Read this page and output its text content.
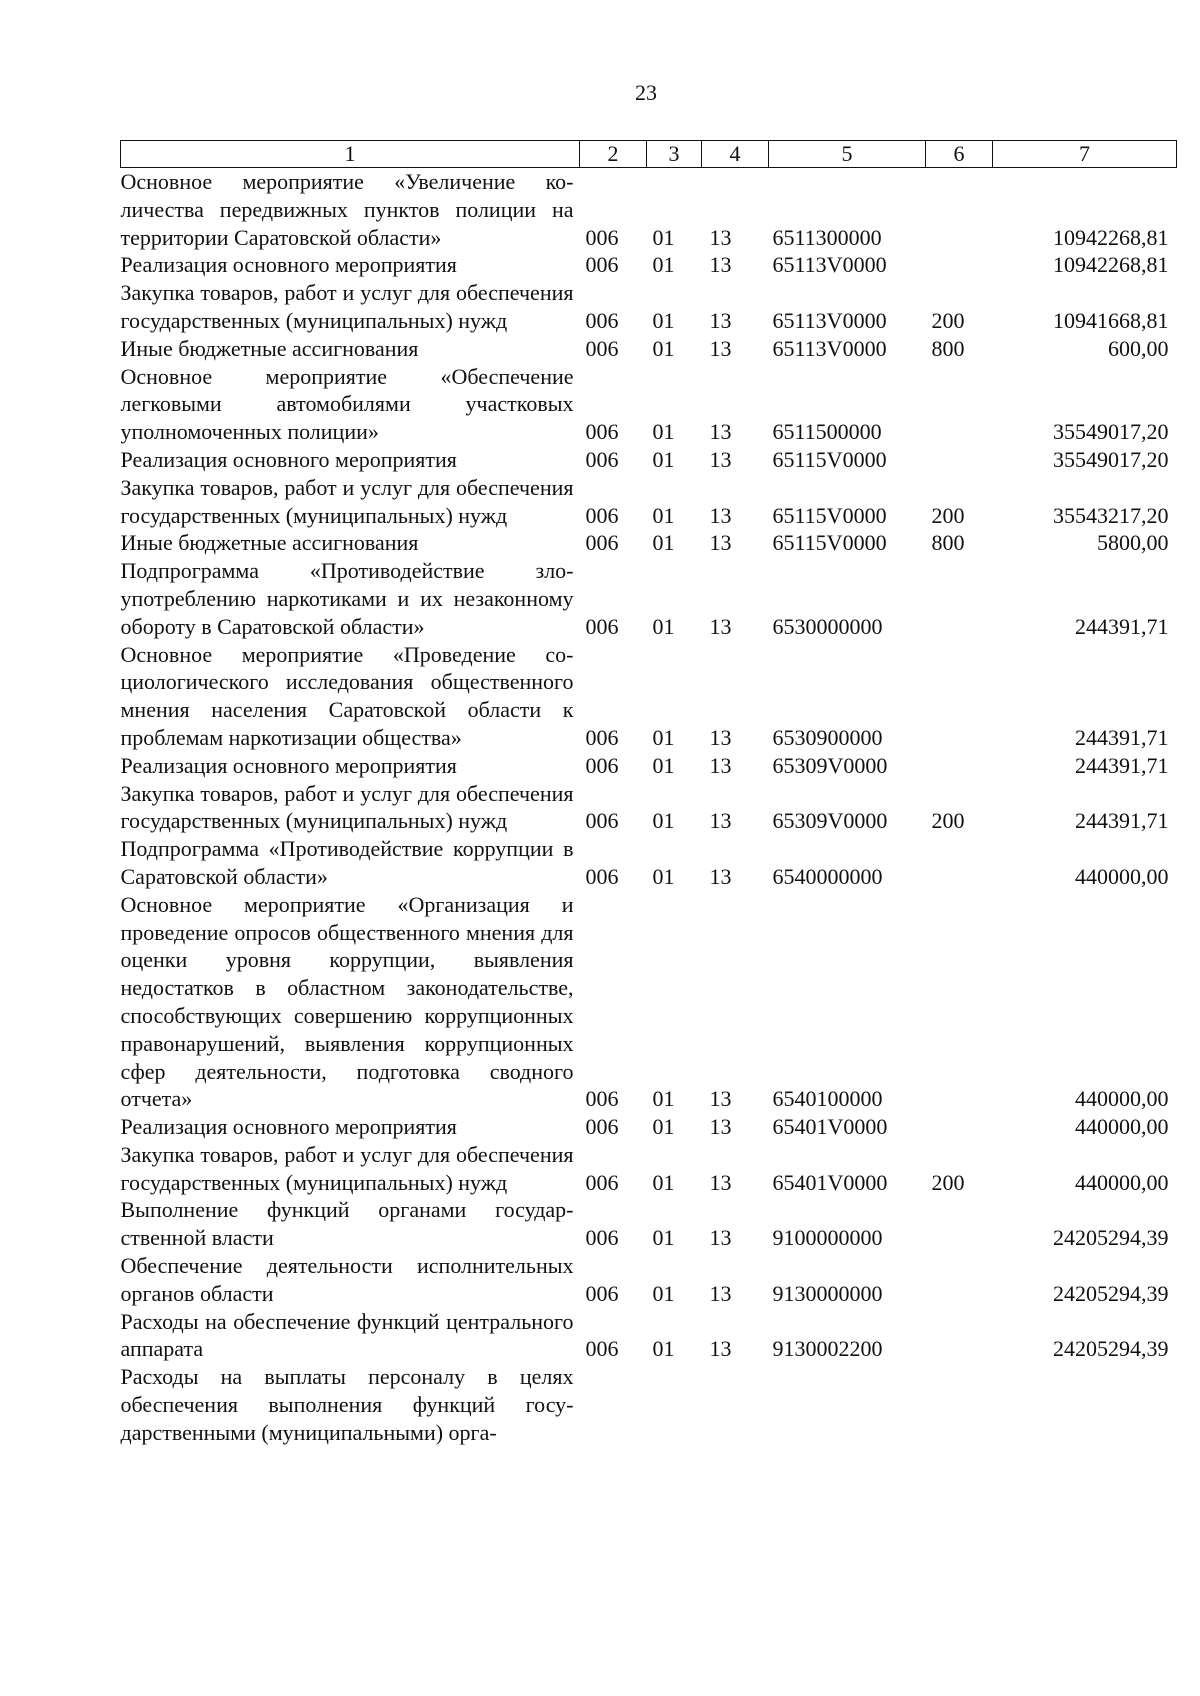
23
1	2	3	4	5	6	7
Основное мероприятие «Увеличение количества передвижных пунктов полиции на территории Саратовской области»	006	01	13	6511300000		10942268,81
Реализация основного мероприятия	006	01	13	65113V0000		10942268,81
Закупка товаров, работ и услуг для обеспечения государственных (муниципальных) нужд	006	01	13	65113V0000	200	10941668,81
Иные бюджетные ассигнования	006	01	13	65113V0000	800	600,00
Основное мероприятие «Обеспечение легковыми автомобилями участковых уполномоченных полиции»	006	01	13	6511500000		35549017,20
Реализация основного мероприятия	006	01	13	65115V0000		35549017,20
Закупка товаров, работ и услуг для обеспечения государственных (муниципальных) нужд	006	01	13	65115V0000	200	35543217,20
Иные бюджетные ассигнования	006	01	13	65115V0000	800	5800,00
Подпрограмма «Противодействие злоупотреблению наркотиками и их незаконному обороту в Саратовской области»	006	01	13	6530000000		244391,71
Основное мероприятие «Проведение социологического исследования общественного мнения населения Саратовской области к проблемам наркотизации общества»	006	01	13	6530900000		244391,71
Реализация основного мероприятия	006	01	13	65309V0000		244391,71
Закупка товаров, работ и услуг для обеспечения государственных (муниципальных) нужд	006	01	13	65309V0000	200	244391,71
Подпрограмма «Противодействие коррупции в Саратовской области»	006	01	13	6540000000		440000,00
Основное мероприятие «Организация и проведение опросов общественного мнения для оценки уровня коррупции, выявления недостатков в областном законодательстве, способствующих совершению коррупционных правонарушений, выявления коррупционных сфер деятельности, подготовка сводного отчета»	006	01	13	6540100000		440000,00
Реализация основного мероприятия	006	01	13	65401V0000		440000,00
Закупка товаров, работ и услуг для обеспечения государственных (муниципальных) нужд	006	01	13	65401V0000	200	440000,00
Выполнение функций органами государственной власти	006	01	13	9100000000		24205294,39
Обеспечение деятельности исполнительных органов области	006	01	13	9130000000		24205294,39
Расходы на обеспечение функций центрального аппарата	006	01	13	9130002200		24205294,39
Расходы на выплаты персоналу в целях обеспечения выполнения функций государственными (муниципальными) орга-						
